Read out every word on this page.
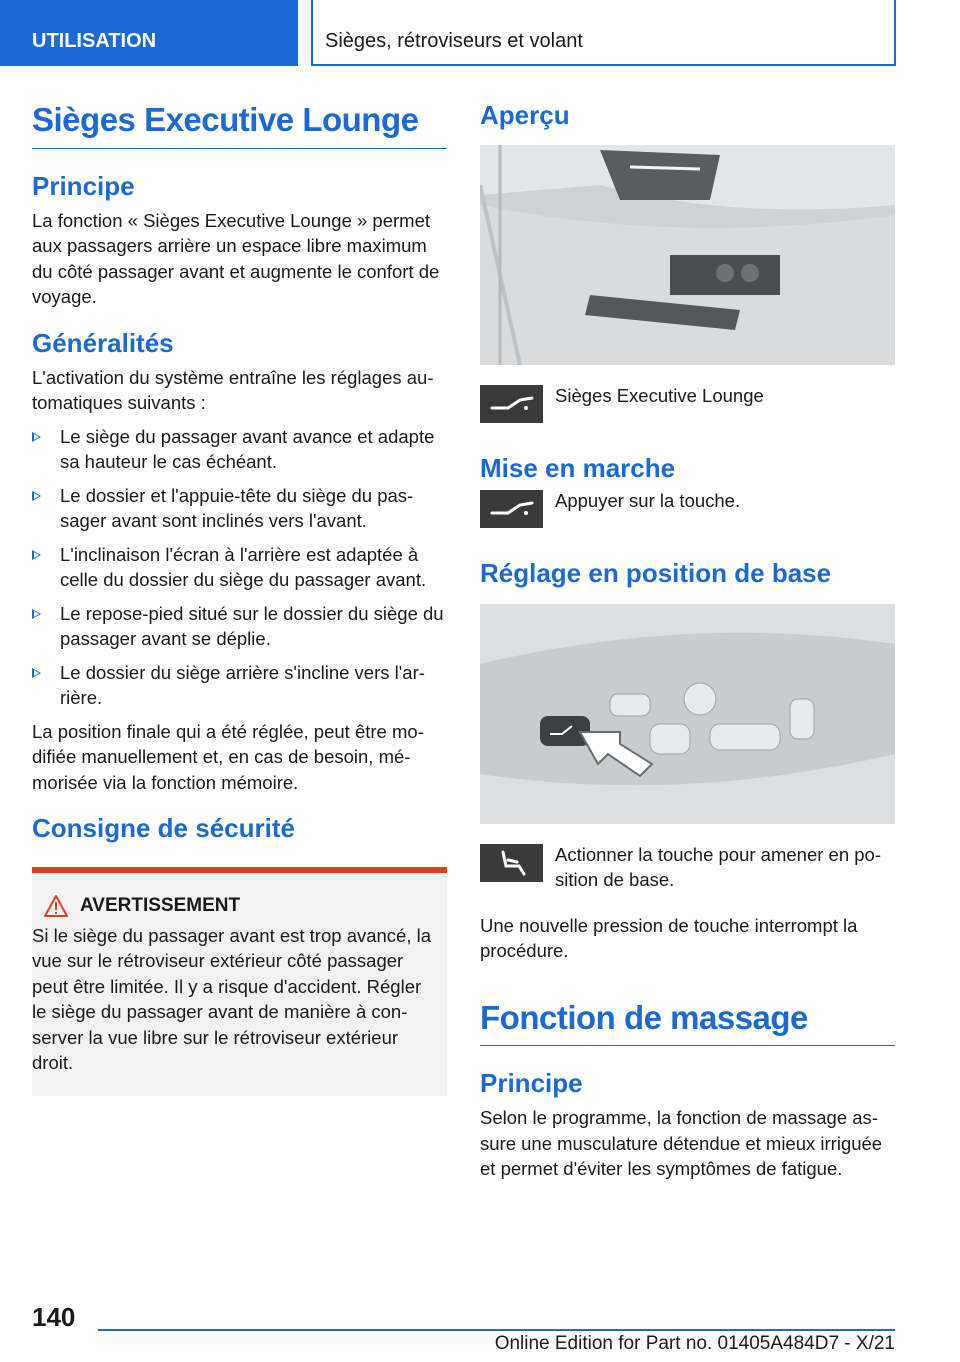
UTILISATION	Sièges, rétroviseurs et volant
Sièges Executive Lounge
Principe
La fonction « Sièges Executive Lounge » permet aux passagers arrière un espace libre maximum du côté passager avant et augmente le confort de voyage.
Généralités
L'activation du système entraîne les réglages automatiques suivants :
Le siège du passager avant avance et adapte sa hauteur le cas échéant.
Le dossier et l'appuie-tête du siège du passager avant sont inclinés vers l'avant.
L'inclinaison l'écran à l'arrière est adaptée à celle du dossier du siège du passager avant.
Le repose-pied situé sur le dossier du siège du passager avant se déplie.
Le dossier du siège arrière s'incline vers l'arrière.
La position finale qui a été réglée, peut être modifiée manuellement et, en cas de besoin, mémorisée via la fonction mémoire.
Consigne de sécurité
AVERTISSEMENT
Si le siège du passager avant est trop avancé, la vue sur le rétroviseur extérieur côté passager peut être limitée. Il y a risque d'accident. Régler le siège du passager avant de manière à conserver la vue libre sur le rétroviseur extérieur droit.
Aperçu
Sièges Executive Lounge
Mise en marche
Appuyer sur la touche.
Réglage en position de base
Actionner la touche pour amener en position de base.
Une nouvelle pression de touche interrompt la procédure.
Fonction de massage
Principe
Selon le programme, la fonction de massage assure une musculature détendue et mieux irriguée et permet d'éviter les symptômes de fatigue.
140
Online Edition for Part no. 01405A484D7 - X/21
